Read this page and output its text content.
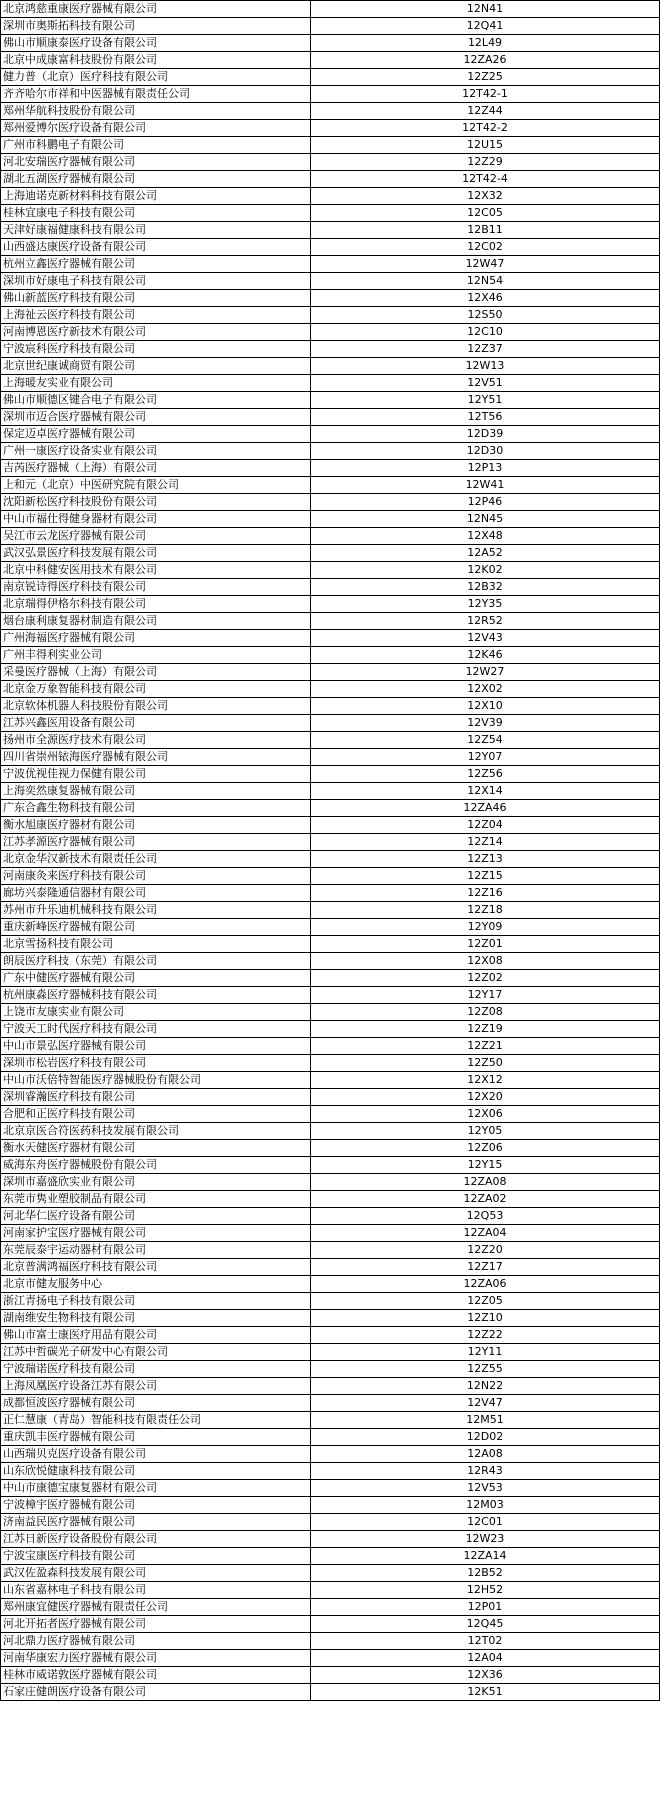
北京鸿慈重康医疗器械有限公司	12N41
深圳市奥斯拓科技有限公司	12Q41
佛山市顺康泰医疗设备有限公司	12L49
北京中成康富科技股份有限公司	12ZA26
健力普（北京）医疗科技有限公司	12Z25
齐齐哈尔市祥和中医器械有限责任公司	12T42-1
郑州华航科技股份有限公司	12Z44
郑州爱博尔医疗设备有限公司	12T42-2
广州市科鹏电子有限公司	12U15
河北安瑞医疗器械有限公司	12Z29
湖北五湖医疗器械有限公司	12T42-4
上海迪诺克新材料科技有限公司	12X32
桂林宜康电子科技有限公司	12C05
天津好康福健康科技有限公司	12B11
山西盛达康医疗设备有限公司	12C02
杭州立鑫医疗器械有限公司	12W47
深圳市好康电子科技有限公司	12N54
佛山新蓝医疗科技有限公司	12X46
上海祉云医疗科技有限公司	12S50
河南博恩医疗新技术有限公司	12C10
宁波宸科医疗科技有限公司	12Z37
北京世纪康诚商贸有限公司	12W13
上海暖友实业有限公司	12V51
佛山市顺德区键合电子有限公司	12Y51
深圳市迈合医疗器械有限公司	12T56
保定迈卓医疗器械有限公司	12D39
广州一康医疗设备实业有限公司	12D30
吉芮医疗器械（上海）有限公司	12P13
上和元（北京）中医研究院有限公司	12W41
沈阳新松医疗科技股份有限公司	12P46
中山市福仕得健身器材有限公司	12N45
吴江市云龙医疗器械有限公司	12X48
武汉弘景医疗科技发展有限公司	12A52
北京中科健安医用技术有限公司	12K02
南京锐诗得医疗科技有限公司	12B32
北京瑞得伊格尔科技有限公司	12Y35
烟台康利康复器材制造有限公司	12R52
广州海福医疗器械有限公司	12V43
广州丰得利实业公司	12K46
采曼医疗器械（上海）有限公司	12W27
北京金万象智能科技有限公司	12X02
北京软体机器人科技股份有限公司	12X10
江苏兴鑫医用设备有限公司	12V39
扬州市全源医疗技术有限公司	12Z54
四川省崇州铱海医疗器械有限公司	12Y07
宁波优视佳视力保健有限公司	12Z56
上海奕然康复器械有限公司	12X14
广东合鑫生物科技有限公司	12ZA46
衡水旭康医疗器材有限公司	12Z04
江苏孝源医疗器械有限公司	12Z14
北京金华汉新技术有限责任公司	12Z13
河南康灸来医疗科技有限公司	12Z15
廊坊兴泰隆通信器材有限公司	12Z16
苏州市升乐迪机械科技有限公司	12Z18
重庆新峰医疗器械有限公司	12Y09
北京雪扬科技有限公司	12Z01
朗辰医疗科技（东莞）有限公司	12X08
广东中健医疗器械有限公司	12Z02
杭州康淼医疗器械科技有限公司	12Y17
上饶市友康实业有限公司	12Z08
宁波天工时代医疗科技有限公司	12Z19
中山市景弘医疗器械有限公司	12Z21
深圳市松岩医疗科技有限公司	12Z50
中山市沃倍特智能医疗器械股份有限公司	12X12
深圳睿瀚医疗科技有限公司	12X20
合肥和正医疗科技有限公司	12X06
北京京医合符医药科技发展有限公司	12Y05
衡水天健医疗器材有限公司	12Z06
威海东舟医疗器械股份有限公司	12Y15
深圳市嘉盛欣实业有限公司	12ZA08
东莞市隽业塑胶制品有限公司	12ZA02
河北华仁医疗设备有限公司	12Q53
河南家护宝医疗器械有限公司	12ZA04
东莞辰泰宇运动器材有限公司	12Z20
北京普满鸿福医疗科技有限公司	12Z17
北京市健友服务中心	12ZA06
浙江青扬电子科技有限公司	12Z05
湖南维安生物科技有限公司	12Z10
佛山市富士康医疗用品有限公司	12Z22
江苏中哲碳光子研发中心有限公司	12Y11
宁波瑞诺医疗科技有限公司	12Z55
上海凤凰医疗设备江苏有限公司	12N22
成都恒波医疗器械有限公司	12V47
正仁慧康（青岛）智能科技有限责任公司	12M51
重庆凯丰医疗器械有限公司	12D02
山西瑞贝克医疗设备有限公司	12A08
山东欣悦健康科技有限公司	12R43
中山市康德宝康复器材有限公司	12V53
宁波樟宇医疗器械有限公司	12M03
济南益民医疗器械有限公司	12C01
江苏日新医疗设备股份有限公司	12W23
宁波宝康医疗科技有限公司	12ZA14
武汉佐盈森科技发展有限公司	12B52
山东省嘉林电子科技有限公司	12H52
郑州康宜健医疗器械有限责任公司	12P01
河北开拓者医疗器械有限公司	12Q45
河北鼎力医疗器械有限公司	12T02
河南华康宏力医疗器械有限公司	12A04
桂林市威诺敦医疗器械有限公司	12X36
石家庄健朗医疗设备有限公司	12K51
